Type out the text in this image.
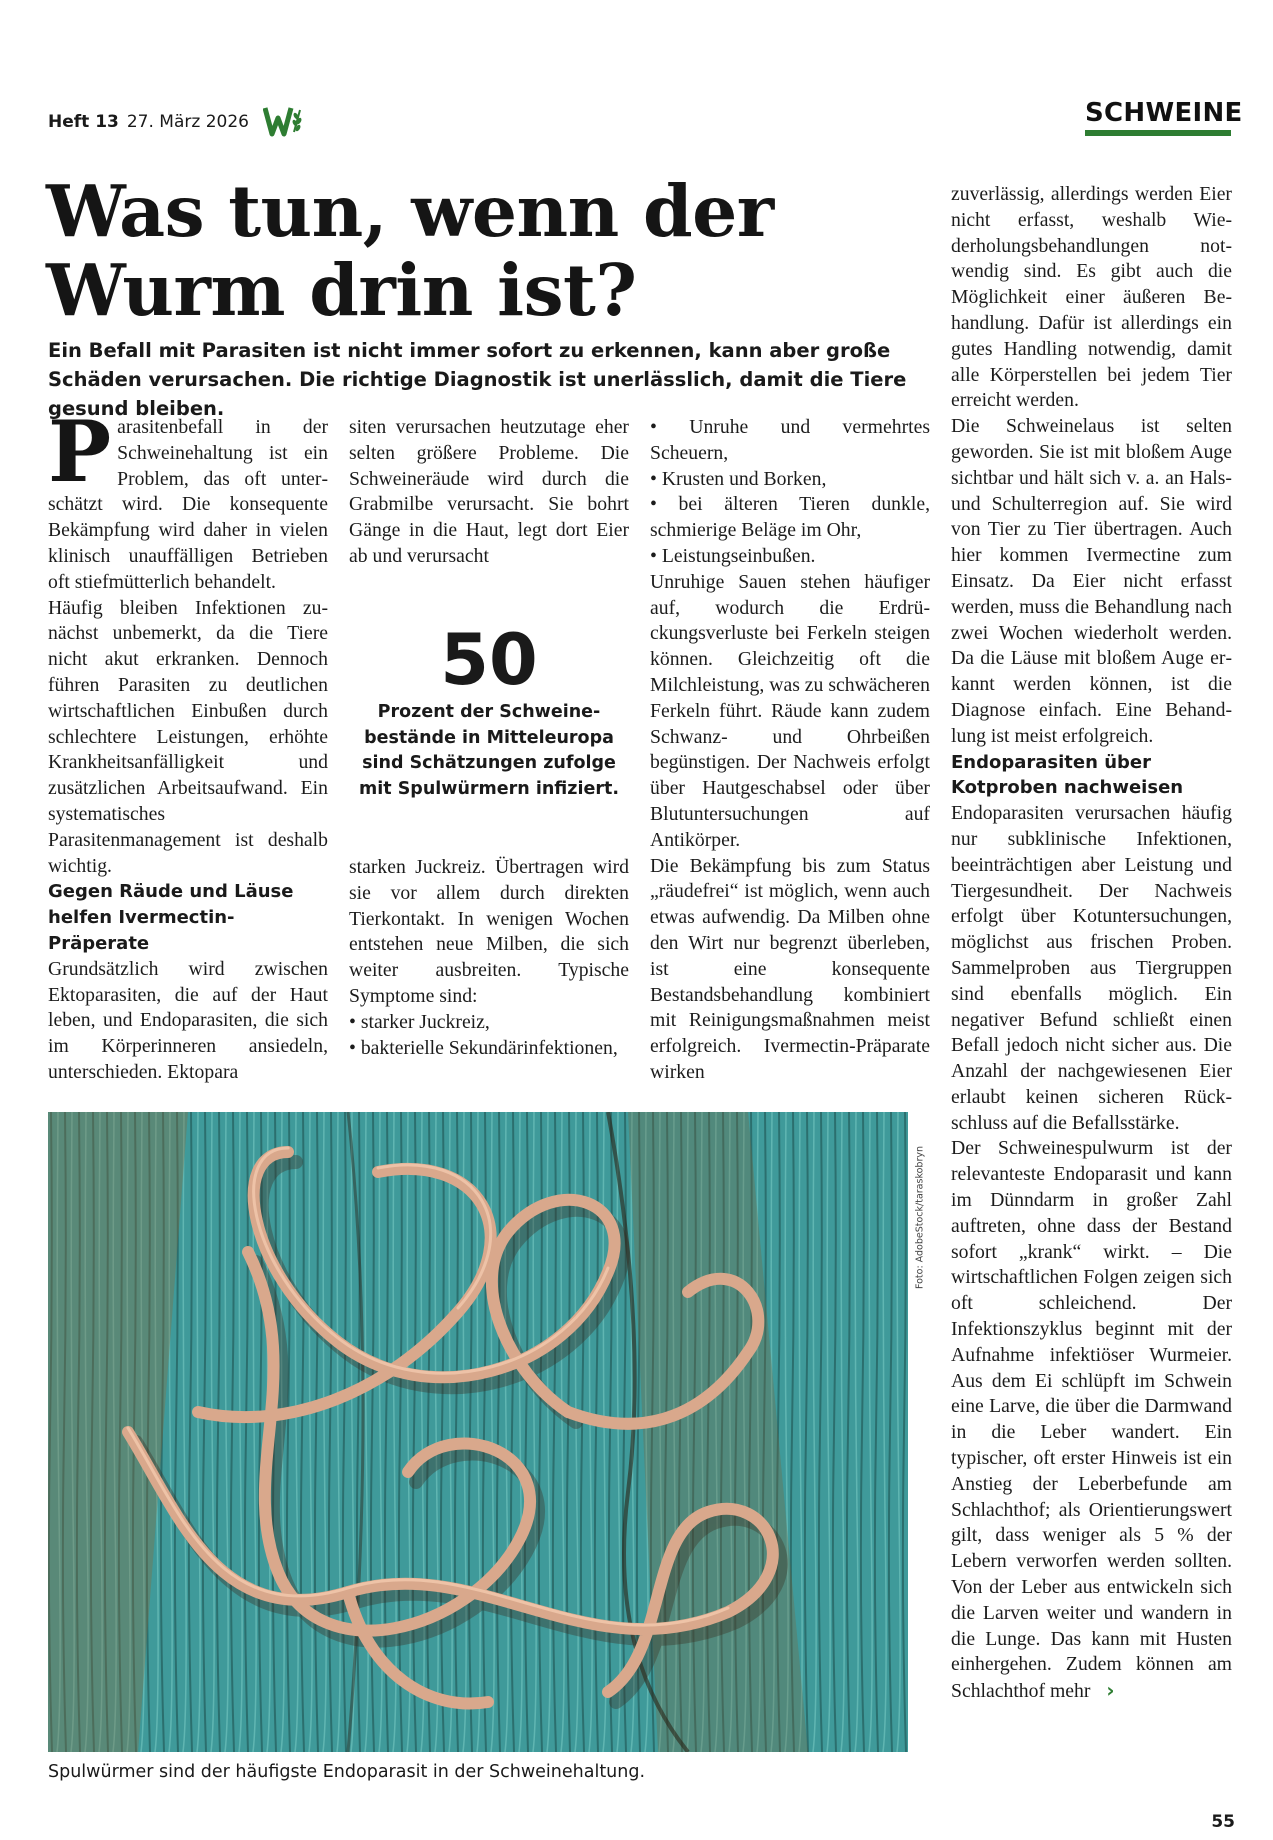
Heft 13 27. März 2026	SCHWEINE
Was tun, wenn der Wurm drin ist?
Ein Befall mit Parasiten ist nicht immer sofort zu erkennen, kann aber große Schäden verursachen. Die richtige Diagnostik ist unerlässlich, damit die Tiere gesund bleiben.

Parasitenbefall in der Schweinehaltung ist ein Problem, das oft unterschätzt wird. Die konsequente Bekämpfung wird daher in vielen klinisch unauffälligen Betrieben oft stiefmütterlich behandelt.

Häufig bleiben Infektionen zunächst unbemerkt, da die Tiere nicht akut erkranken. Dennoch führen Parasiten zu deutlichen wirtschaftlichen Einbußen durch schlechtere Leistungen, erhöhte Krankheitsanfälligkeit und zusätzlichen Arbeitsaufwand. Ein systematisches Parasitenmanagement ist deshalb wichtig.

Gegen Räude und Läuse helfen Ivermectin-Präperate

Grundsätzlich wird zwischen Ektoparasiten, die auf der Haut leben, und Endoparasiten, die sich im Körperinneren ansiedeln, unterschieden. Ektopara

siten verursachen heutzutage eher selten größere Probleme. Die Schweineräude wird durch die Grabmilbe verursacht. Sie bohrt Gänge in die Haut, legt dort Eier ab und verursacht

50
Prozent der Schweinebestände in Mitteleuropa sind Schätzungen zufolge mit Spulwürmern infiziert.

starken Juckreiz. Übertragen wird sie vor allem durch direkten Tierkontakt. In wenigen Wochen entstehen neue Milben, die sich weiter ausbreiten. Typische Symptome sind:

• starker Juckreiz,

• bakterielle Sekundärinfektionen,

• Unruhe und vermehrtes Scheuern,

• Krusten und Borken,

• bei älteren Tieren dunkle, schmierige Beläge im Ohr,

• Leistungseinbußen.

Unruhige Sauen stehen häufiger auf, wodurch die Erdrückungsverluste bei Ferkeln steigen können. Gleichzeitig oft die Milchleistung, was zu schwächeren Ferkeln führt. Räude kann zudem Schwanz- und Ohrbeißen begünstigen. Der Nachweis erfolgt über Hautgeschabsel oder über Blutuntersuchungen auf Antikörper.

Die Bekämpfung bis zum Status „räudefrei“ ist möglich, wenn auch etwas aufwendig. Da Milben ohne den Wirt nur begrenzt überleben, ist eine konsequente Bestandsbehandlung kombiniert mit Reinigungsmaßnahmen meist erfolgreich. Ivermectin-Präparate wirken

zuverlässig, allerdings werden Eier nicht erfasst, weshalb Wiederholungsbehandlungen notwendig sind. Es gibt auch die Möglichkeit einer äußeren Behandlung. Dafür ist allerdings ein gutes Handling notwendig, damit alle Körperstellen bei jedem Tier erreicht werden.

Die Schweinelaus ist selten geworden. Sie ist mit bloßem Auge sichtbar und hält sich v. a. an Hals- und Schulterregion auf. Sie wird von Tier zu Tier übertragen. Auch hier kommen Ivermectine zum Einsatz. Da Eier nicht erfasst werden, muss die Behandlung nach zwei Wochen wiederholt werden. Da die Läuse mit bloßem Auge erkannt werden können, ist die Diagnose einfach. Eine Behandlung ist meist erfolgreich.

Endoparasiten über Kotproben nachweisen

Endoparasiten verursachen häufig nur subklinische Infektionen, beeinträchtigen aber Leistung und Tiergesundheit. Der Nachweis erfolgt über Kotuntersuchungen, möglichst aus frischen Proben. Sammelproben aus Tiergruppen sind ebenfalls möglich. Ein negativer Befund schließt einen Befall jedoch nicht sicher aus. Die Anzahl der nachgewiesenen Eier erlaubt keinen sicheren Rückschluss auf die Befallsstärke.

Der Schweinespulwurm ist der relevanteste Endoparasit und kann im Dünndarm in großer Zahl auftreten, ohne dass der Bestand sofort „krank“ wirkt. – Die wirtschaftlichen Folgen zeigen sich oft schleichend. Der Infektionszyklus beginnt mit der Aufnahme infektiöser Wurmeier. Aus dem Ei schlüpft im Schwein eine Larve, die über die Darmwand in die Leber wandert. Ein typischer, oft erster Hinweis ist ein Anstieg der Leberbefunde am Schlachthof; als Orientierungswert gilt, dass weniger als 5 % der Lebern verworfen werden sollten. Von der Leber aus entwickeln sich die Larven weiter und wandern in die Lunge. Das kann mit Husten einhergehen. Zudem können am Schlachthof mehr ›

Foto: AdobeStock/taraskobryn
Spulwürmer sind der häufigste Endoparasit in der Schweinehaltung.
55
